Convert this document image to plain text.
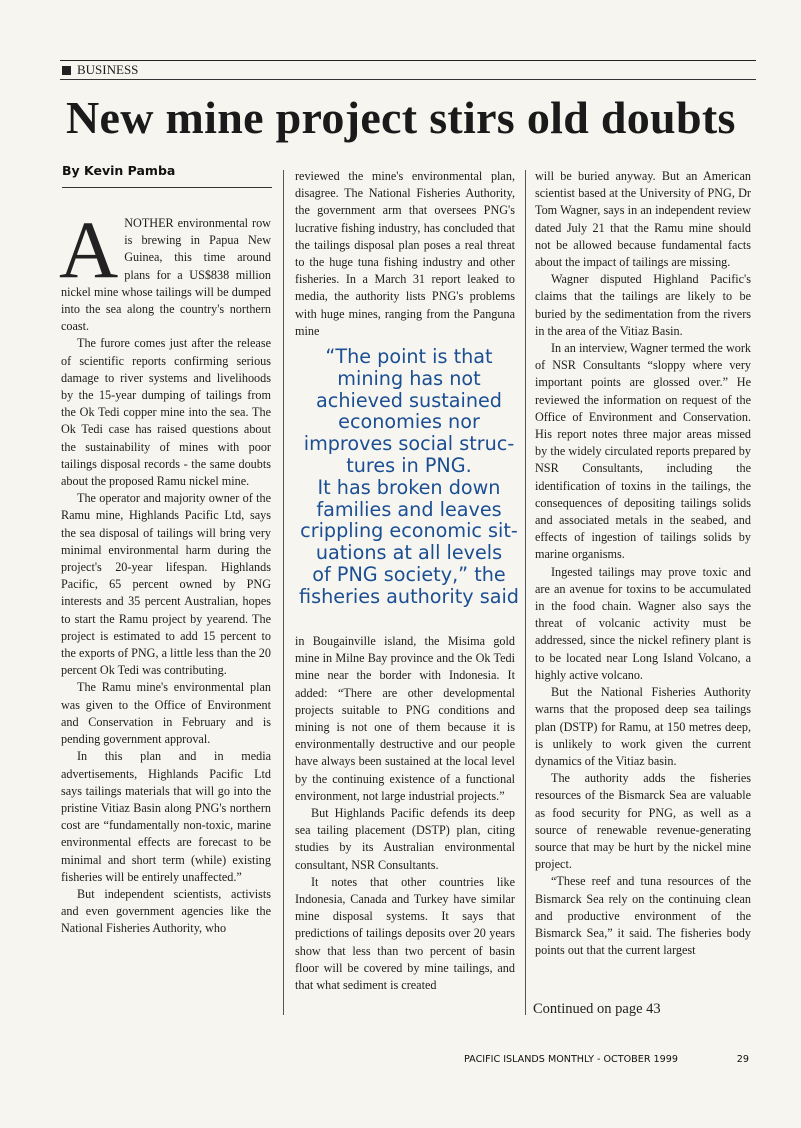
BUSINESS
New mine project stirs old doubts
By Kevin Pamba

ANOTHER environmental row is brewing in Papua New Guinea, this time around plans for a US$838 million nickel mine whose tailings will be dumped into the sea along the country's northern coast.

The furore comes just after the release of scientific reports confirming serious damage to river systems and livelihoods by the 15-year dumping of tailings from the Ok Tedi copper mine into the sea. The Ok Tedi case has raised questions about the sustainability of mines with poor tailings disposal records - the same doubts about the proposed Ramu nickel mine.

The operator and majority owner of the Ramu mine, Highlands Pacific Ltd, says the sea disposal of tailings will bring very minimal environmental harm during the project's 20-year lifespan. Highlands Pacific, 65 percent owned by PNG interests and 35 percent Australian, hopes to start the Ramu project by yearend. The project is estimated to add 15 percent to the exports of PNG, a little less than the 20 percent Ok Tedi was contributing.

The Ramu mine's environmental plan was given to the Office of Environment and Conservation in February and is pending government approval.

In this plan and in media advertisements, Highlands Pacific Ltd says tailings materials that will go into the pristine Vitiaz Basin along PNG's northern cost are “fundamentally non-toxic, marine environmental effects are forecast to be minimal and short term (while) existing fisheries will be entirely unaffected.”

But independent scientists, activists and even government agencies like the National Fisheries Authority, who

reviewed the mine's environmental plan, disagree. The National Fisheries Authority, the government arm that oversees PNG's lucrative fishing industry, has concluded that the tailings disposal plan poses a real threat to the huge tuna fishing industry and other fisheries. In a March 31 report leaked to media, the authority lists PNG's problems with huge mines, ranging from the Panguna mine

“The point is that

mining has not

achieved sustained

economies nor

improves social struc-

tures in PNG.

It has broken down

families and leaves

crippling economic sit-

uations at all levels

of PNG society,” the

fisheries authority said

in Bougainville island, the Misima gold mine in Milne Bay province and the Ok Tedi mine near the border with Indonesia. It added: “There are other developmental projects suitable to PNG conditions and mining is not one of them because it is environmentally destructive and our people have always been sustained at the local level by the continuing existence of a functional environment, not large industrial projects.”

But Highlands Pacific defends its deep sea tailing placement (DSTP) plan, citing studies by its Australian environmental consultant, NSR Consultants.

It notes that other countries like Indonesia, Canada and Turkey have similar mine disposal systems. It says that predictions of tailings deposits over 20 years show that less than two percent of basin floor will be covered by mine tailings, and that what sediment is created

will be buried anyway. But an American scientist based at the University of PNG, Dr Tom Wagner, says in an independent review dated July 21 that the Ramu mine should not be allowed because fundamental facts about the impact of tailings are missing.

Wagner disputed Highland Pacific's claims that the tailings are likely to be buried by the sedimentation from the rivers in the area of the Vitiaz Basin.

In an interview, Wagner termed the work of NSR Consultants “sloppy where very important points are glossed over.” He reviewed the information on request of the Office of Environment and Conservation. His report notes three major areas missed by the widely circulated reports prepared by NSR Consultants, including the identification of toxins in the tailings, the consequences of depositing tailings solids and associated metals in the seabed, and effects of ingestion of tailings solids by marine organisms.

Ingested tailings may prove toxic and are an avenue for toxins to be accumulated in the food chain. Wagner also says the threat of volcanic activity must be addressed, since the nickel refinery plant is to be located near Long Island Volcano, a highly active volcano.

But the National Fisheries Authority warns that the proposed deep sea tailings plan (DSTP) for Ramu, at 150 metres deep, is unlikely to work given the current dynamics of the Vitiaz basin.

The authority adds the fisheries resources of the Bismarck Sea are valuable as food security for PNG, as well as a source of renewable revenue-generating source that may be hurt by the nickel mine project.

“These reef and tuna resources of the Bismarck Sea rely on the continuing clean and productive environment of the Bismarck Sea,” it said. The fisheries body points out that the current largest

Continued on page 43
PACIFIC ISLANDS MONTHLY - OCTOBER 1999	29
